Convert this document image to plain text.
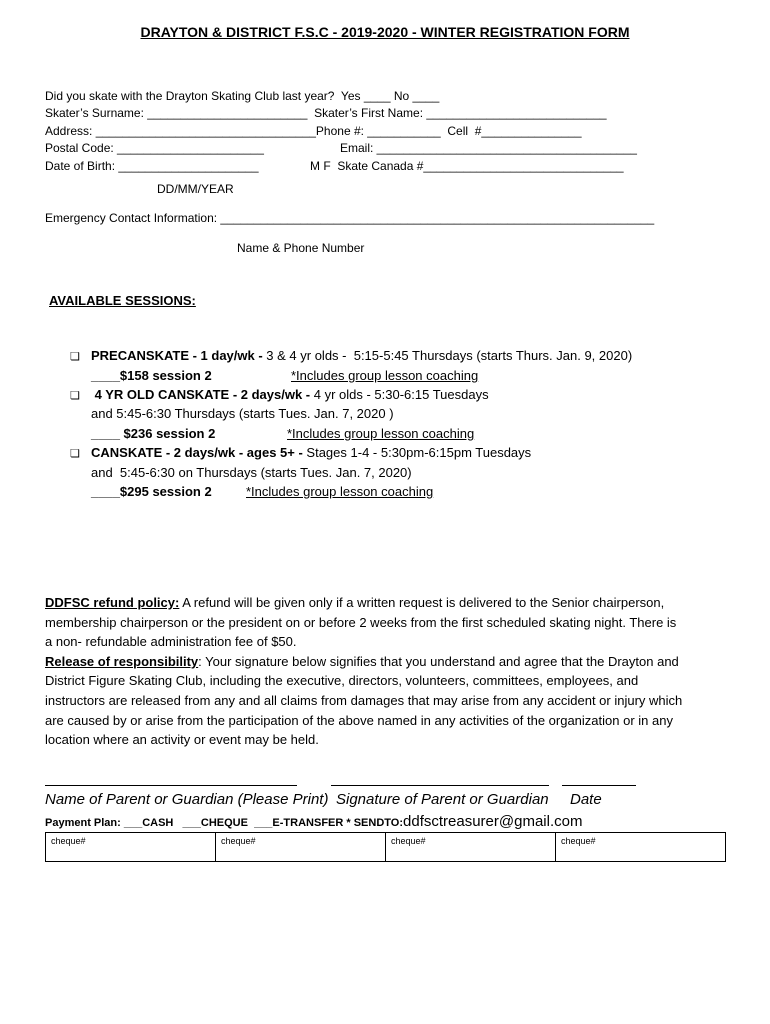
DRAYTON & DISTRICT F.S.C - 2019-2020 - WINTER REGISTRATION FORM
Did you skate with the Drayton Skating Club last year?  Yes ____ No ____
Skater’s Surname: ________________________  Skater’s First Name: ___________________________
Address: _________________________________Phone #: ___________  Cell  #_______________
Postal Code: ______________________	Email: _______________________________________
Date of Birth: _____________________	M F  Skate Canada #______________________________
DD/MM/YEAR
Emergency Contact Information: _________________________________________________________________
Name & Phone Number
AVAILABLE SESSIONS:
❏ PRECANSKATE - 1 day/wk - 3 & 4 yr olds -  5:15-5:45 Thursdays (starts Thurs. Jan. 9, 2020)
____$158 session 2	*Includes group lesson coaching
❏ 4 YR OLD CANSKATE - 2 days/wk - 4 yr olds - 5:30-6:15 Tuesdays
and 5:45-6:30 Thursdays (starts Tues. Jan. 7, 2020 )
____ $236 session 2	*Includes group lesson coaching
❏ CANSKATE - 2 days/wk - ages 5+ - Stages 1-4 - 5:30pm-6:15pm Tuesdays
and  5:45-6:30 on Thursdays (starts Tues. Jan. 7, 2020)
____$295 session 2	*Includes group lesson coaching
DDFSC refund policy: A refund will be given only if a written request is delivered to the Senior chairperson, membership chairperson or the president on or before 2 weeks from the first scheduled skating night. There is a non- refundable administration fee of $50.
Release of responsibility: Your signature below signifies that you understand and agree that the Drayton and District Figure Skating Club, including the executive, directors, volunteers, committees, employees, and instructors are released from any and all claims from damages that may arise from any accident or injury which are caused by or arise from the participation of the above named in any activities of the organization or in any location where an activity or event may be held.
Name of Parent or Guardian (Please Print) Signature of Parent or Guardian Date
Payment Plan: ___CASH   ___CHEQUE  ___E-TRANSFER * SENDTO:ddfsctreasurer@gmail.com
cheque#	cheque#	cheque#	cheque#
